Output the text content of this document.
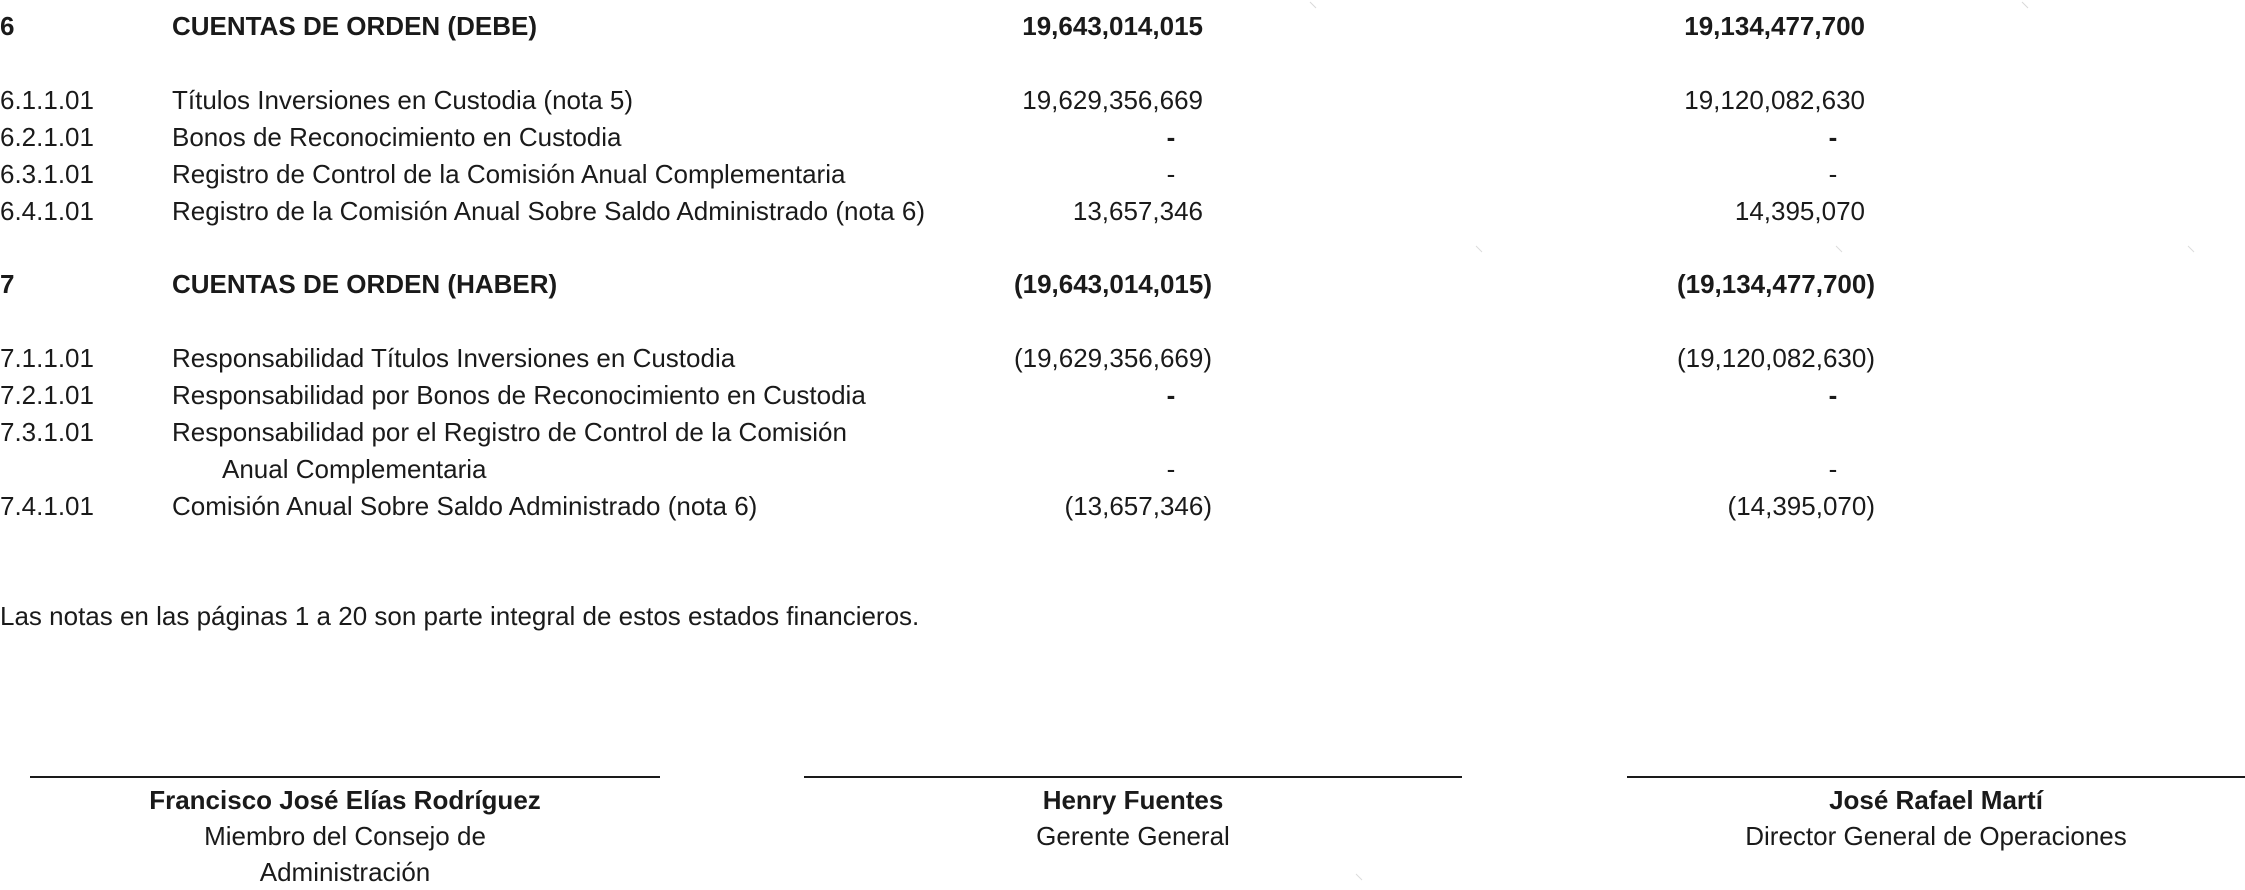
6	CUENTAS DE ORDEN (DEBE)	19,643,014,015	19,134,477,700
6.1.1.01	Títulos Inversiones en Custodia (nota 5)	19,629,356,669	19,120,082,630
6.2.1.01	Bonos de Reconocimiento en Custodia	-	-
6.3.1.01	Registro de Control de la Comisión Anual Complementaria	-	-
6.4.1.01	Registro de la Comisión Anual Sobre Saldo Administrado (nota 6)	13,657,346	14,395,070
7	CUENTAS DE ORDEN (HABER)	(19,643,014,015)	(19,134,477,700)
7.1.1.01	Responsabilidad Títulos Inversiones en Custodia	(19,629,356,669)	(19,120,082,630)
7.2.1.01	Responsabilidad por Bonos de Reconocimiento en Custodia	-	-
7.3.1.01	Responsabilidad por el Registro de Control de la Comisión
Anual Complementaria	-	-
7.4.1.01	Comisión Anual Sobre Saldo Administrado (nota 6)	(13,657,346)	(14,395,070)
Las notas en las páginas 1 a 20 son parte integral de estos estados financieros.
Francisco José Elías Rodríguez
Miembro del Consejo de
Administración
Henry Fuentes
Gerente General
José Rafael Martí
Director General de Operaciones
